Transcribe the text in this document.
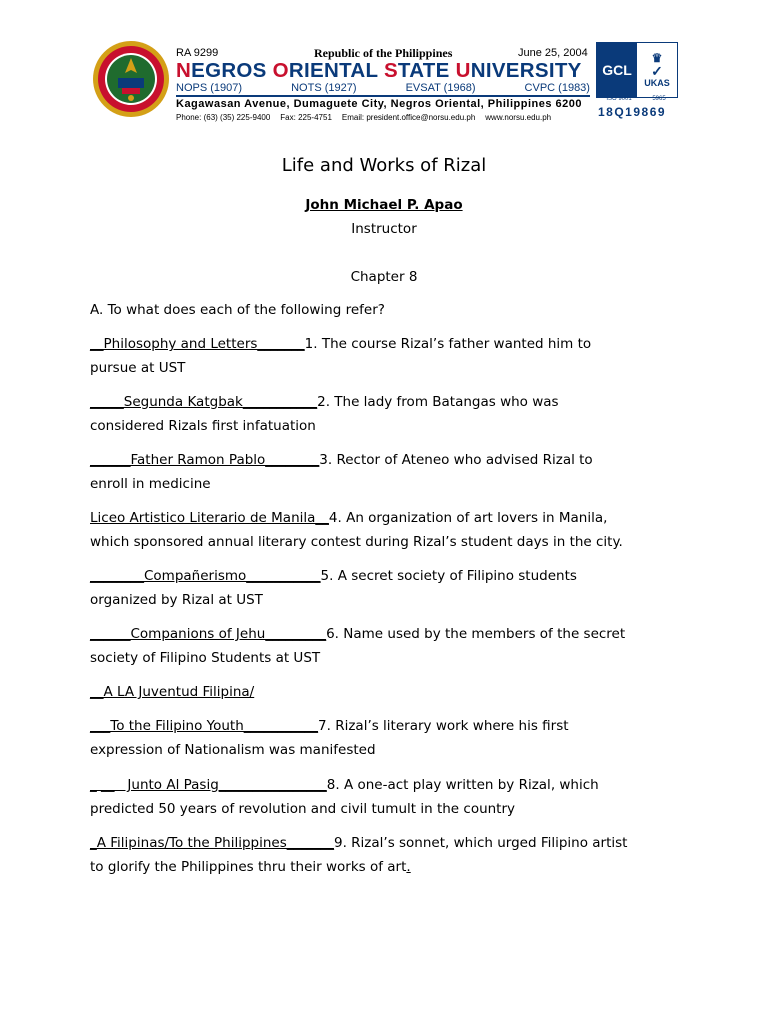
RA 9299	Republic of the Philippines	June 25, 2004
NEGROS ORIENTAL STATE UNIVERSITY
NOPS (1907)	NOTS (1927)	EVSAT (1968)	CVPC (1983)
Kagawasan Avenue, Dumaguete City, Negros Oriental, Philippines 6200
Phone: (63) (35) 225-9400 Fax: 225-4751 Email: president.office@norsu.edu.ph www.norsu.edu.ph
GCL
♛
✓
UKAS
ISO 9001	5965
18Q19869
Life and Works of Rizal
John Michael P. Apao
Instructor
Chapter 8
A. To what does each of the following refer?
__Philosophy and Letters_______1. The course Rizal’s father wanted him to
pursue at UST
_____Segunda Katgbak___________2. The lady from Batangas who was
considered Rizals first infatuation
______Father Ramon Pablo________3. Rector of Ateneo who advised Rizal to
enroll in medicine
Liceo Artistico Literario de Manila__4. An organization of art lovers in Manila,
which sponsored annual literary contest during Rizal’s student days in the city.
________Compañerismo___________5. A secret society of Filipino students
organized by Rizal at UST
______Companions of Jehu_________6. Name used by the members of the secret
society of Filipino Students at UST
__A LA Juventud Filipina/
___To the Filipino Youth___________7. Rizal’s literary work where his first
expression of Nationalism was manifested
_ __   Junto Al Pasig________________8. A one-act play written by Rizal, which
predicted 50 years of revolution and civil tumult in the country
_A Filipinas/To the Philippines_______9. Rizal’s sonnet, which urged Filipino artist
to glorify the Philippines thru their works of art.
